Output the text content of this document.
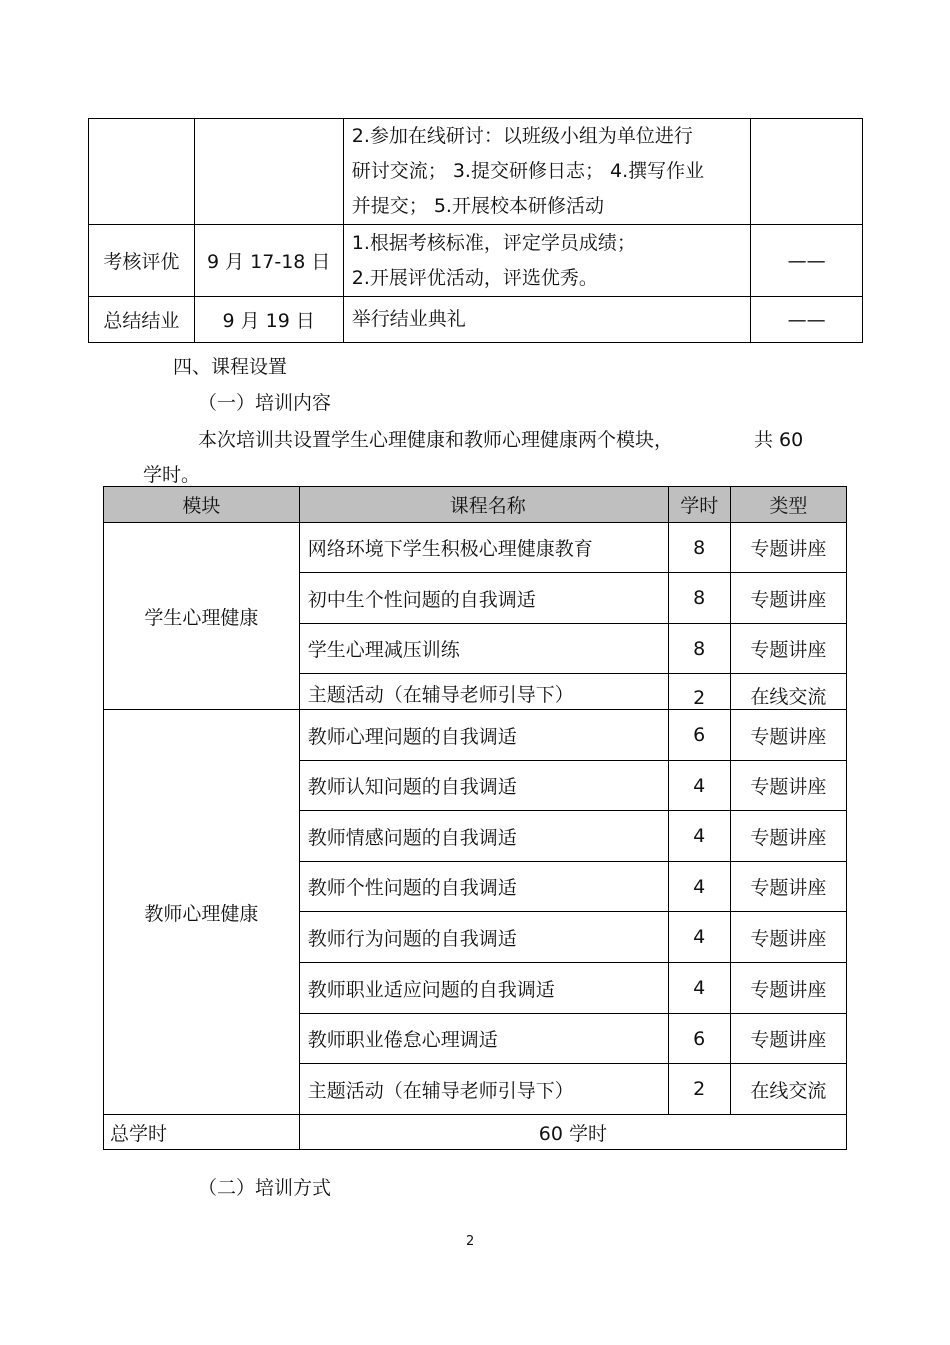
		2.参加在线研讨：以班级小组为单位进行
研讨交流； 3.提交研修日志； 4.撰写作业
并提交； 5.开展校本研修活动	

考核评优	9 月 17-18 日	1.根据考核标准，评定学员成绩；
2.开展评优活动，评选优秀。	——
总结结业	9 月 19 日	举行结业典礼	——
四、课程设置
（一）培训内容
本次培训共设置学生心理健康和教师心理健康两个模块，	共 60
学时。
模块	课程名称	学时	类型
学生心理健康	网络环境下学生积极心理健康教育	8	专题讲座
	初中生个性问题的自我调适	8	专题讲座
	学生心理减压训练	8	专题讲座
	主题活动（在辅导老师引导下）	2	在线交流
教师心理健康	教师心理问题的自我调适	6	专题讲座
	教师认知问题的自我调适	4	专题讲座
	教师情感问题的自我调适	4	专题讲座
	教师个性问题的自我调适	4	专题讲座
	教师行为问题的自我调适	4	专题讲座
	教师职业适应问题的自我调适	4	专题讲座
	教师职业倦怠心理调适	6	专题讲座
	主题活动（在辅导老师引导下）	2	在线交流
总学时	60 学时		
（二）培训方式
2
